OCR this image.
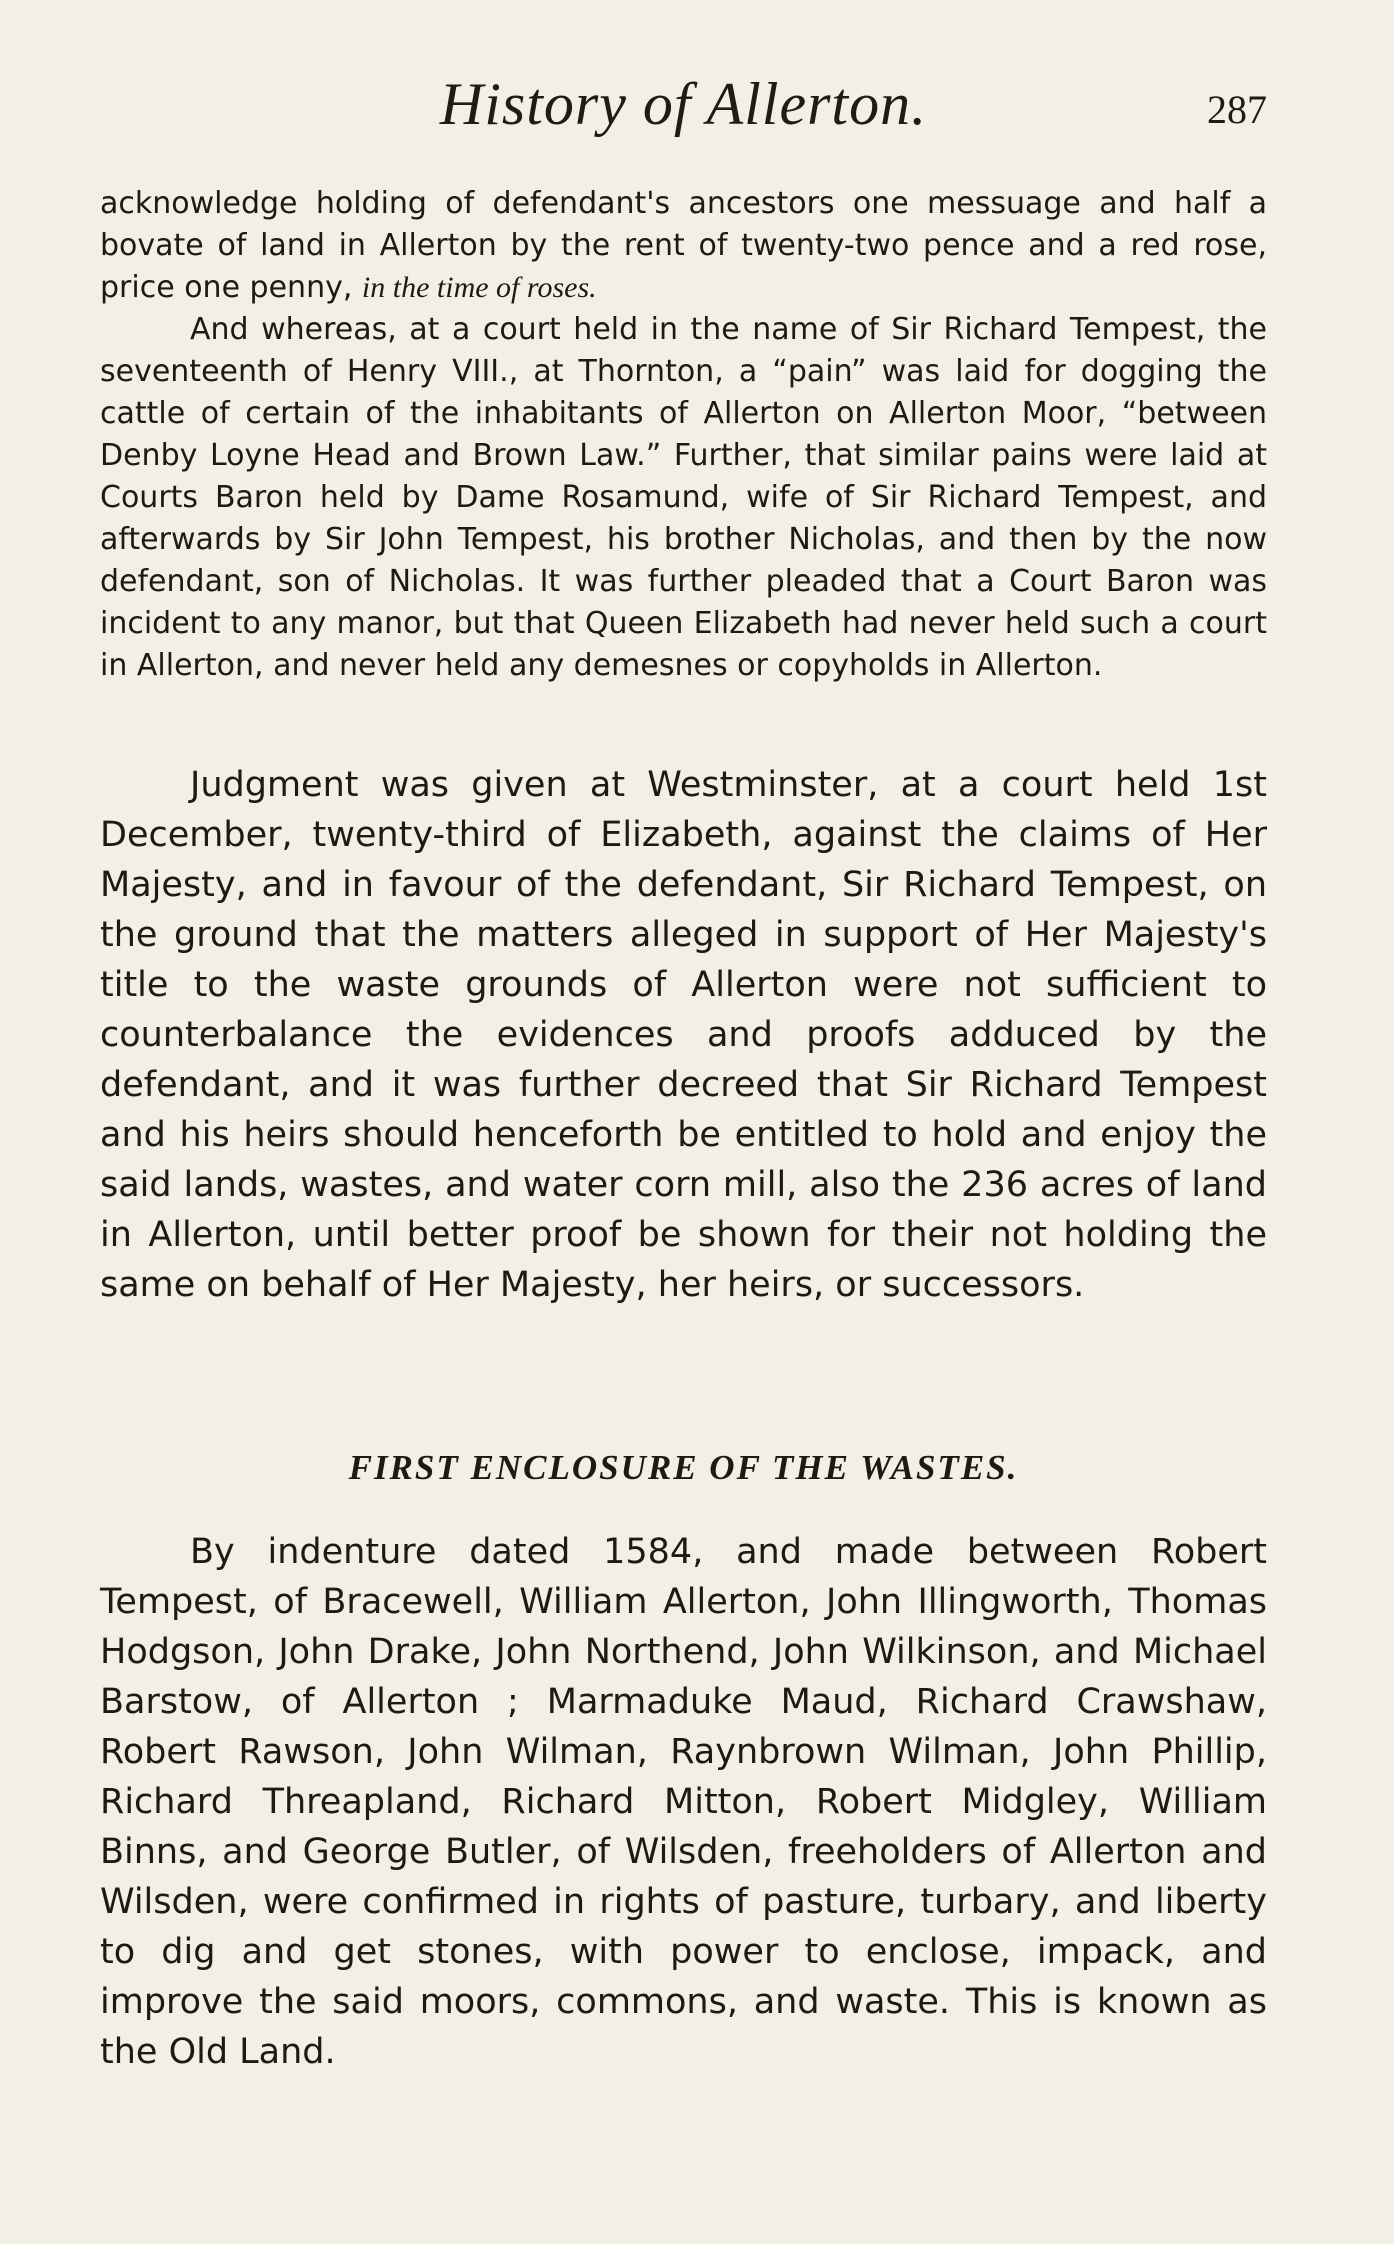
History of Allerton.	287

acknowledge holding of defendant's ancestors one messuage and half a bovate of land in Allerton by the rent of twenty-two pence and a red rose, price one penny, in the time of roses.

And whereas, at a court held in the name of Sir Richard Tempest, the seventeenth of Henry VIII., at Thornton, a “pain” was laid for dogging the cattle of certain of the inhabitants of Allerton on Allerton Moor, “between Denby Loyne Head and Brown Law.” Further, that similar pains were laid at Courts Baron held by Dame Rosamund, wife of Sir Richard Tempest, and afterwards by Sir John Tempest, his brother Nicholas, and then by the now defendant, son of Nicholas. It was further pleaded that a Court Baron was incident to any manor, but that Queen Elizabeth had never held such a court in Allerton, and never held any demesnes or copyholds in Allerton.

Judgment was given at Westminster, at a court held 1st December, twenty-third of Elizabeth, against the claims of Her Majesty, and in favour of the defendant, Sir Richard Tempest, on the ground that the matters alleged in support of Her Majesty's title to the waste grounds of Allerton were not sufficient to counterbalance the evidences and proofs adduced by the defendant, and it was further decreed that Sir Richard Tempest and his heirs should henceforth be entitled to hold and enjoy the said lands, wastes, and water corn mill, also the 236 acres of land in Allerton, until better proof be shown for their not holding the same on behalf of Her Majesty, her heirs, or successors.

FIRST ENCLOSURE OF THE WASTES.

By indenture dated 1584, and made between Robert Tempest, of Bracewell, William Allerton, John Illingworth, Thomas Hodgson, John Drake, John Northend, John Wilkinson, and Michael Barstow, of Allerton ; Marmaduke Maud, Richard Crawshaw, Robert Rawson, John Wilman, Raynbrown Wilman, John Phillip, Richard Threapland, Richard Mitton, Robert Midgley, William Binns, and George Butler, of Wilsden, freeholders of Allerton and Wilsden, were confirmed in rights of pasture, turbary, and liberty to dig and get stones, with power to enclose, impack, and improve the said moors, commons, and waste. This is known as the Old Land.
